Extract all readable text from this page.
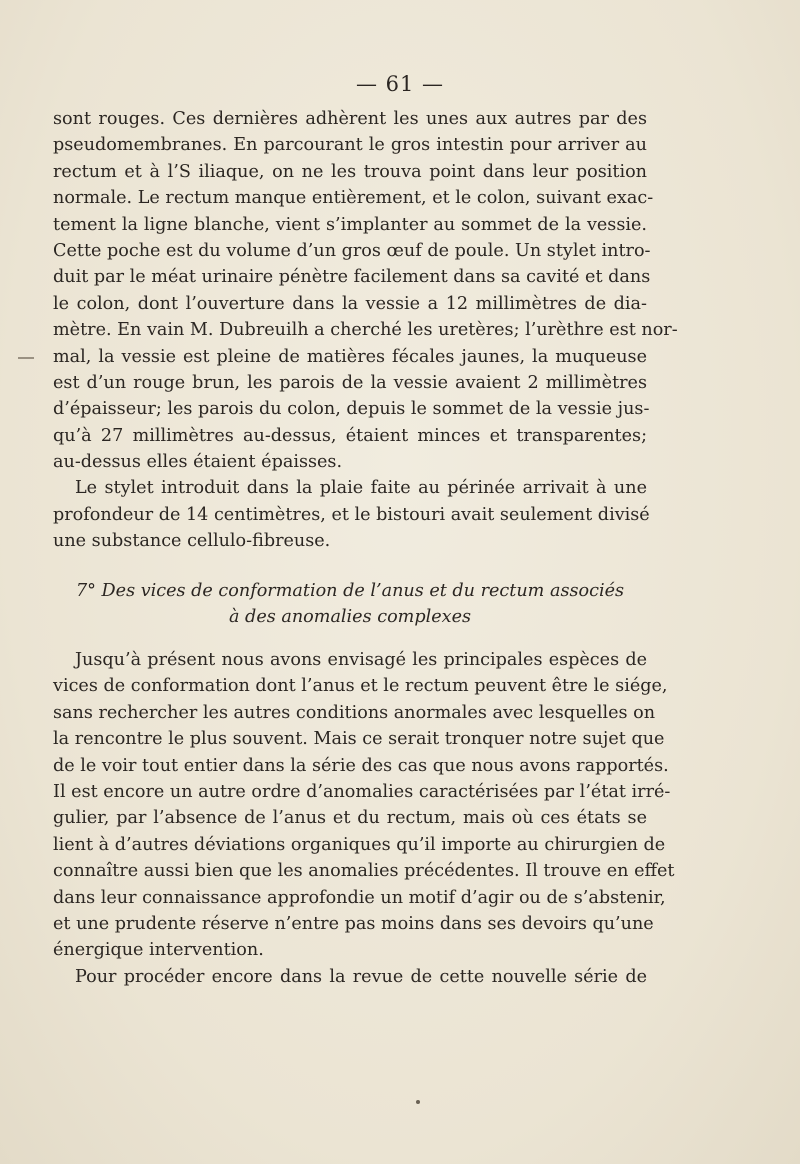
— 61 —
sont rouges. Ces dernières adhèrent les unes aux autres par des
pseudomembranes. En parcourant le gros intestin pour arriver au
rectum et à l’S iliaque, on ne les trouva point dans leur position
normale. Le rectum manque entièrement, et le colon, suivant exac-
tement la ligne blanche, vient s’implanter au sommet de la vessie.
Cette poche est du volume d’un gros œuf de poule. Un stylet intro-
duit par le méat urinaire pénètre facilement dans sa cavité et dans
le colon, dont l’ouverture dans la vessie a 12 millimètres de dia-
mètre. En vain M. Dubreuilh a cherché les uretères; l’urèthre est nor-
mal, la vessie est pleine de matières fécales jaunes, la muqueuse
est d’un rouge brun, les parois de la vessie avaient 2 millimètres
d’épaisseur; les parois du colon, depuis le sommet de la vessie jus-
qu’à 27 millimètres au-dessus, étaient minces et transparentes;
au-dessus elles étaient épaisses.
Le stylet introduit dans la plaie faite au périnée arrivait à une
profondeur de 14 centimètres, et le bistouri avait seulement divisé
une substance cellulo-fibreuse.
7° Des vices de conformation de l’anus et du rectum associés
à des anomalies complexes
Jusqu’à présent nous avons envisagé les principales espèces de
vices de conformation dont l’anus et le rectum peuvent être le siége,
sans rechercher les autres conditions anormales avec lesquelles on
la rencontre le plus souvent. Mais ce serait tronquer notre sujet que
de le voir tout entier dans la série des cas que nous avons rapportés.
Il est encore un autre ordre d’anomalies caractérisées par l’état irré-
gulier, par l’absence de l’anus et du rectum, mais où ces états se
lient à d’autres déviations organiques qu’il importe au chirurgien de
connaître aussi bien que les anomalies précédentes. Il trouve en effet
dans leur connaissance approfondie un motif d’agir ou de s’abstenir,
et une prudente réserve n’entre pas moins dans ses devoirs qu’une
énergique intervention.
Pour procéder encore dans la revue de cette nouvelle série de
